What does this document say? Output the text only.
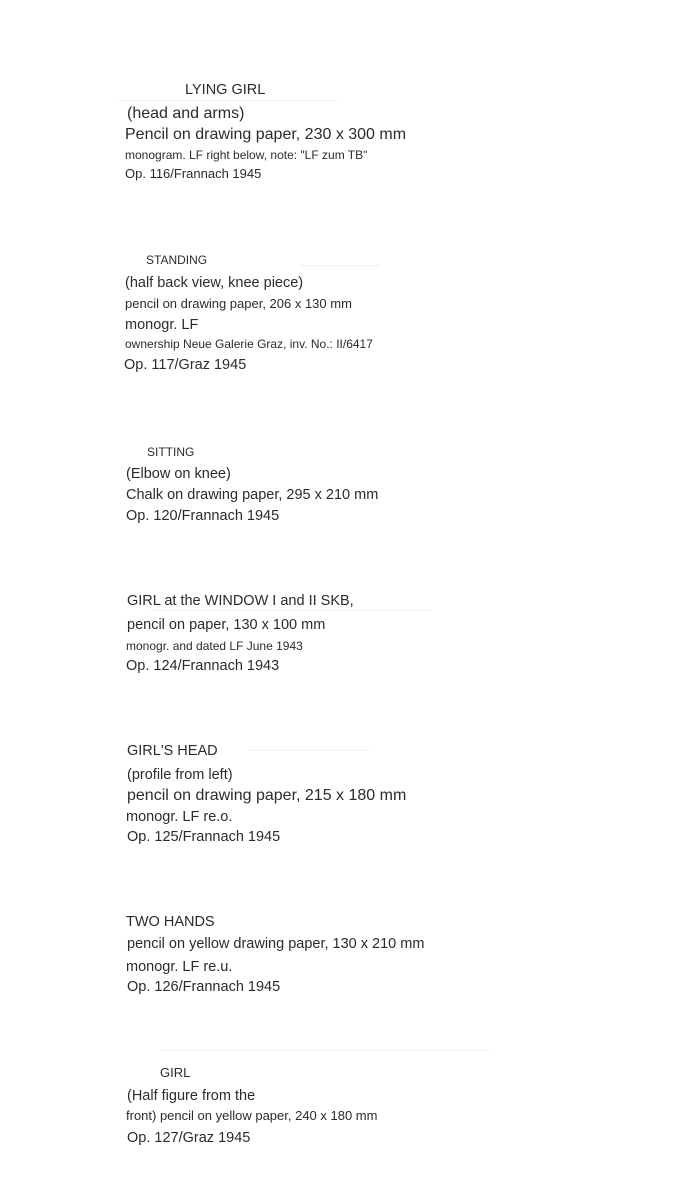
LYING GIRL
(head and arms)
Pencil on drawing paper, 230 x 300 mm
monogram. LF right below, note: "LF zum TB"
Op. 116/Frannach 1945
STANDING
(half back view, knee piece)
pencil on drawing paper, 206 x 130 mm
monogr. LF
ownership Neue Galerie Graz, inv. No.: II/6417
Op. 117/Graz 1945
SITTING
(Elbow on knee)
Chalk on drawing paper, 295 x 210 mm
Op. 120/Frannach 1945
GIRL at the WINDOW I and II SKB,
pencil on paper, 130 x 100 mm
monogr. and dated LF June 1943
Op. 124/Frannach 1943
GIRL'S HEAD
(profile from left)
pencil on drawing paper, 215 x 180 mm
monogr. LF re.o.
Op. 125/Frannach 1945
TWO HANDS
pencil on yellow drawing paper, 130 x 210 mm
monogr. LF re.u.
Op. 126/Frannach 1945
GIRL
(Half figure from the
front) pencil on yellow paper, 240 x 180 mm
Op. 127/Graz 1945
